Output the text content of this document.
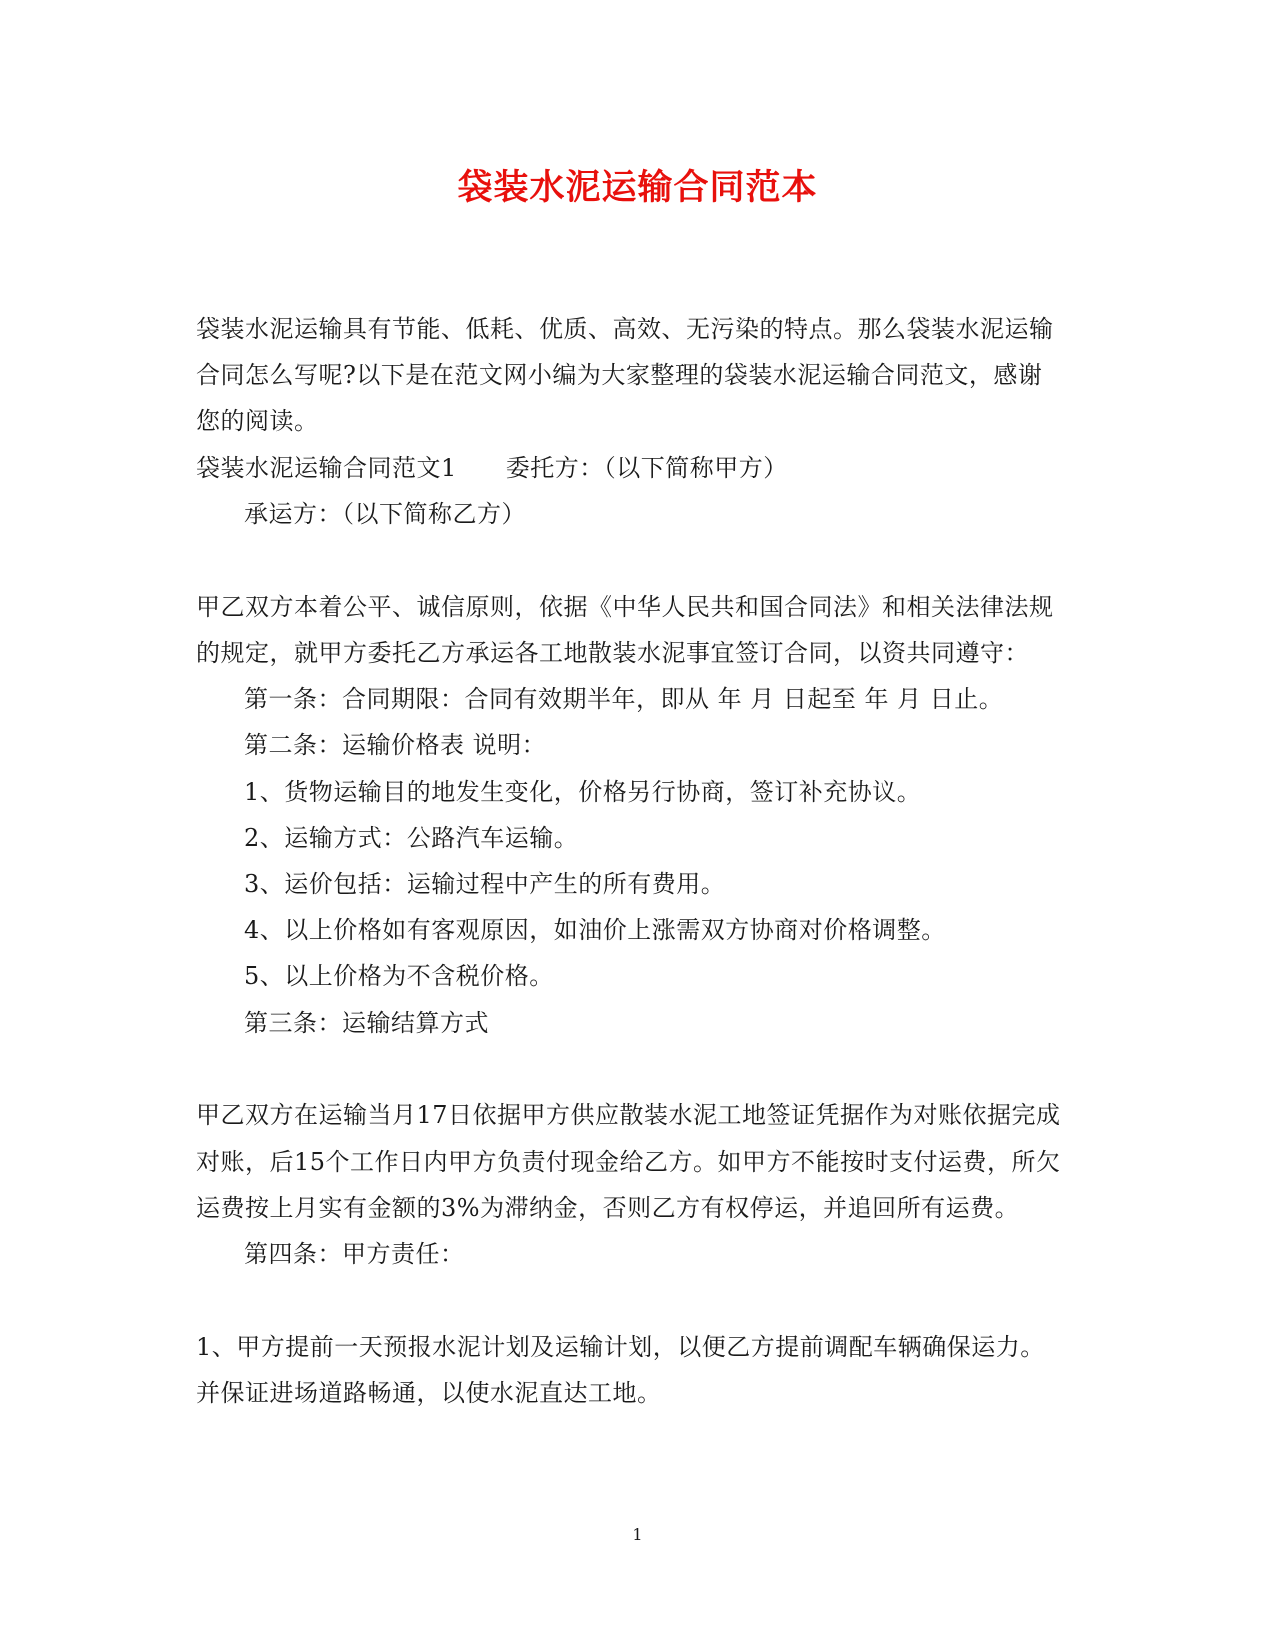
袋装水泥运输合同范本
袋装水泥运输具有节能、低耗、优质、高效、无污染的特点。那么袋装水泥运输
合同怎么写呢?以下是在范文网小编为大家整理的袋装水泥运输合同范文，感谢
您的阅读。
袋装水泥运输合同范文1　　委托方：（以下简称甲方）
承运方：（以下简称乙方）
甲乙双方本着公平、诚信原则，依据《中华人民共和国合同法》和相关法律法规
的规定，就甲方委托乙方承运各工地散装水泥事宜签订合同，以资共同遵守：
第一条：合同期限：合同有效期半年，即从 年 月 日起至 年 月 日止。
第二条：运输价格表 说明：
1、货物运输目的地发生变化，价格另行协商，签订补充协议。
2、运输方式：公路汽车运输。
3、运价包括：运输过程中产生的所有费用。
4、以上价格如有客观原因，如油价上涨需双方协商对价格调整。
5、以上价格为不含税价格。
第三条：运输结算方式
甲乙双方在运输当月17日依据甲方供应散装水泥工地签证凭据作为对账依据完成
对账，后15个工作日内甲方负责付现金给乙方。如甲方不能按时支付运费，所欠
运费按上月实有金额的3%为滞纳金，否则乙方有权停运，并追回所有运费。
第四条：甲方责任：
1、甲方提前一天预报水泥计划及运输计划，以便乙方提前调配车辆确保运力。
并保证进场道路畅通，以使水泥直达工地。
1
